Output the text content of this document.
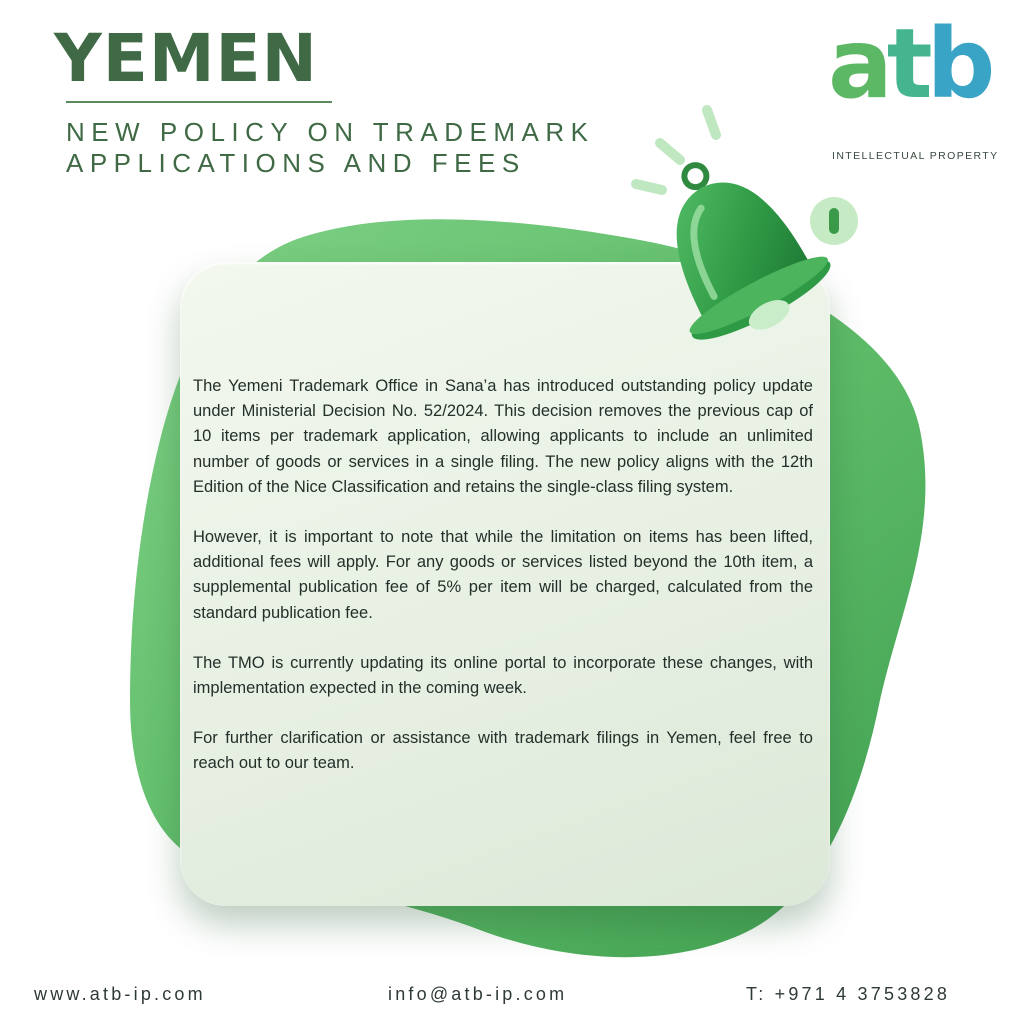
YEMEN
NEW POLICY ON TRADEMARK
APPLICATIONS AND FEES
atb
INTELLECTUAL PROPERTY

The Yemeni Trademark Office in Sana’a has introduced outstanding policy update under Ministerial Decision No. 52/2024. This decision removes the previous cap of 10 items per trademark application, allowing applicants to include an unlimited number of goods or services in a single filing. The new policy aligns with the 12th Edition of the Nice Classification and retains the single-class filing system.

However, it is important to note that while the limitation on items has been lifted, additional fees will apply. For any goods or services listed beyond the 10th item, a supplemental publication fee of 5% per item will be charged, calculated from the standard publication fee.

The TMO is currently updating its online portal to incorporate these changes, with implementation expected in the coming week.

For further clarification or assistance with trademark filings in Yemen, feel free to reach out to our team.

www.atb-ip.com	info@atb-ip.com	T: +971 4 3753828
